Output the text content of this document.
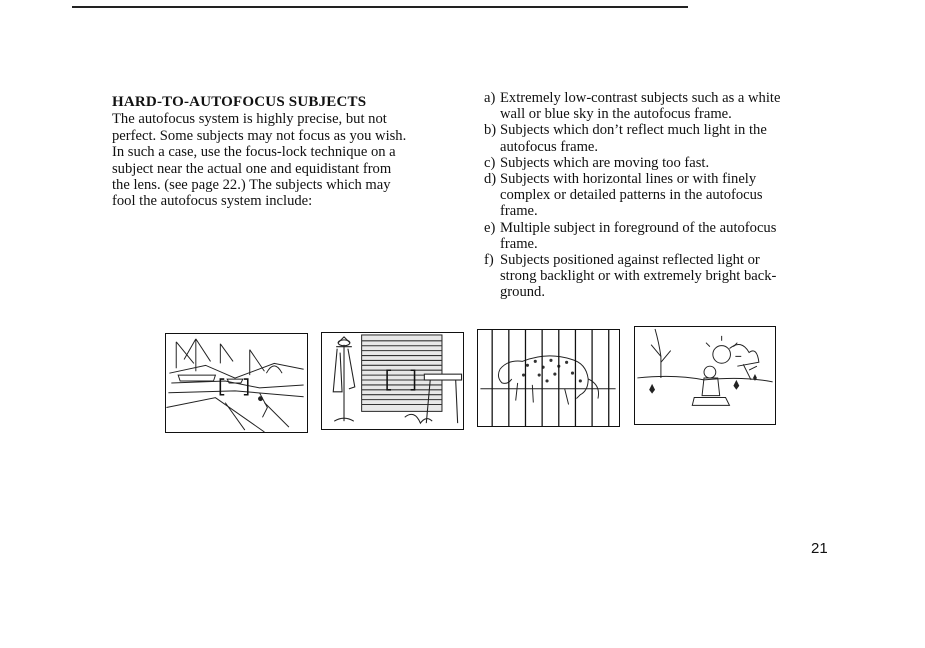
HARD-TO-AUTOFOCUS SUBJECTS

The autofocus system is highly precise, but not
perfect. Some subjects may not focus as you wish.
In such a case, use the focus-lock technique on a
subject near the actual one and equidistant from
the lens. (see page 22.) The subjects which may
fool the autofocus system include:

a) Extremely low-contrast subjects such as a white
wall or blue sky in the autofocus frame.
b) Subjects which don’t reflect much light in the
autofocus frame.
c) Subjects which are moving too fast.
d) Subjects with horizontal lines or with finely
complex or detailed patterns in the autofocus
frame.
e) Multiple subject in foreground of the autofocus
frame.
f) Subjects positioned against reflected light or
strong backlight or with extremely bright back-
ground.
21
